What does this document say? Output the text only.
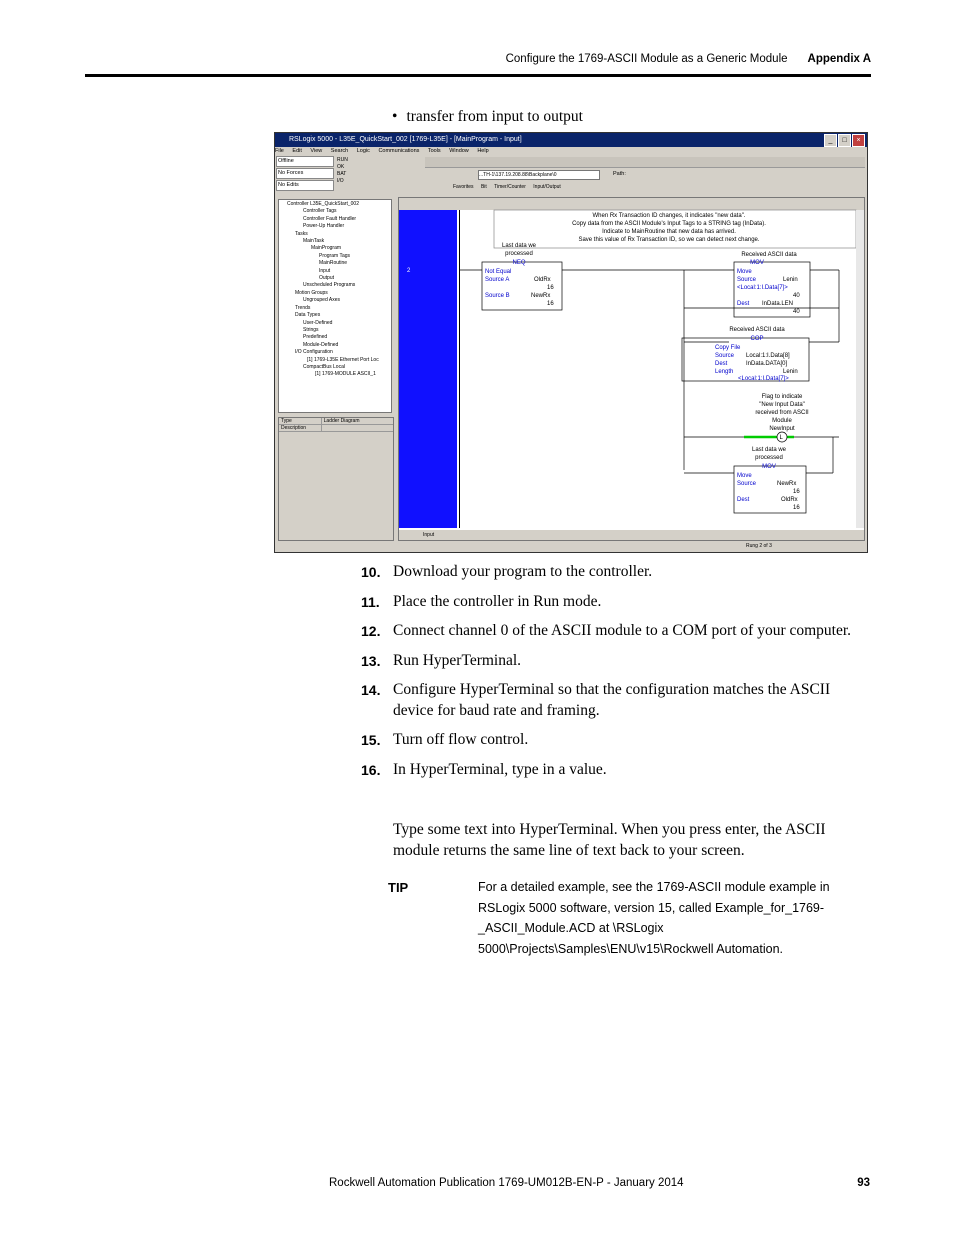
Configure the 1769-ASCII Module as a Generic Module Appendix A
• transfer from input to output
RSLogix 5000 - L35E_QuickStart_002 [1769-L35E] - [MainProgram - Input]	_	□	×
File Edit View Search Logic Communications Tools Window Help
Offline
No Forces
No Edits
RUN
OK
BAT
I/O
Path:
...TH-1\137.19.208.88\Backplane\0
Favorites Bit Timer/Counter Input/Output
Controller L35E_QuickStart_002
Controller Tags
Controller Fault Handler
Power-Up Handler
Tasks
MainTask
MainProgram
Program Tags
MainRoutine
Input
Output
Unscheduled Programs
Motion Groups
Ungrouped Axes
Trends
Data Types
User-Defined
Strings
Predefined
Module-Defined
I/O Configuration
[1] 1769-L35E Ethernet Port Loc
CompactBus Local
[1] 1769-MODULE ASCII_1
Type	Ladder Diagram
Description
2
L
When Rx Transaction ID changes, it indicates "new data".
Copy data from the ASCII Module's Input Tags to a STRING tag (InData).
Indicate to MainRoutine that new data has arrived.
Save this value of Rx Transaction ID, so we can detect next change.
Last data we
processed
NEQ
Received ASCII data
MOV
Received ASCII data
COP
Flag to indicate
"New Input Data"
received from ASCII
Module
NewInput
Last data we
processed
MOV
Not Equal
Source A	OldRx
16
Source B	NewRx
16
Move
Source	Lenin
<Local:1:I.Data[7]>
40
Dest InData.LEN
40
Copy File
Source Local:1:I.Data[8]
Dest	InData.DATA[0]
Length	Lenin
<Local:1:I.Data[7]>
Move
Source	NewRx
16
Dest	OldRx
16
Input
Rung 2 of 3
10. Download your program to the controller.
11. Place the controller in Run mode.
12. Connect channel 0 of the ASCII module to a COM port of your computer.
13. Run HyperTerminal.
14. Configure HyperTerminal so that the configuration matches the ASCII device for baud rate and framing.
15. Turn off flow control.
16. In HyperTerminal, type in a value.
Type some text into HyperTerminal. When you press enter, the ASCII module returns the same line of text back to your screen.
TIP	For a detailed example, see the 1769-ASCII module example in RSLogix 5000 software, version 15, called Example_for_1769-_ASCII_Module.ACD at \RSLogix 5000\Projects\Samples\ENU\v15\Rockwell Automation.
Rockwell Automation Publication 1769-UM012B-EN-P - January 2014	93
